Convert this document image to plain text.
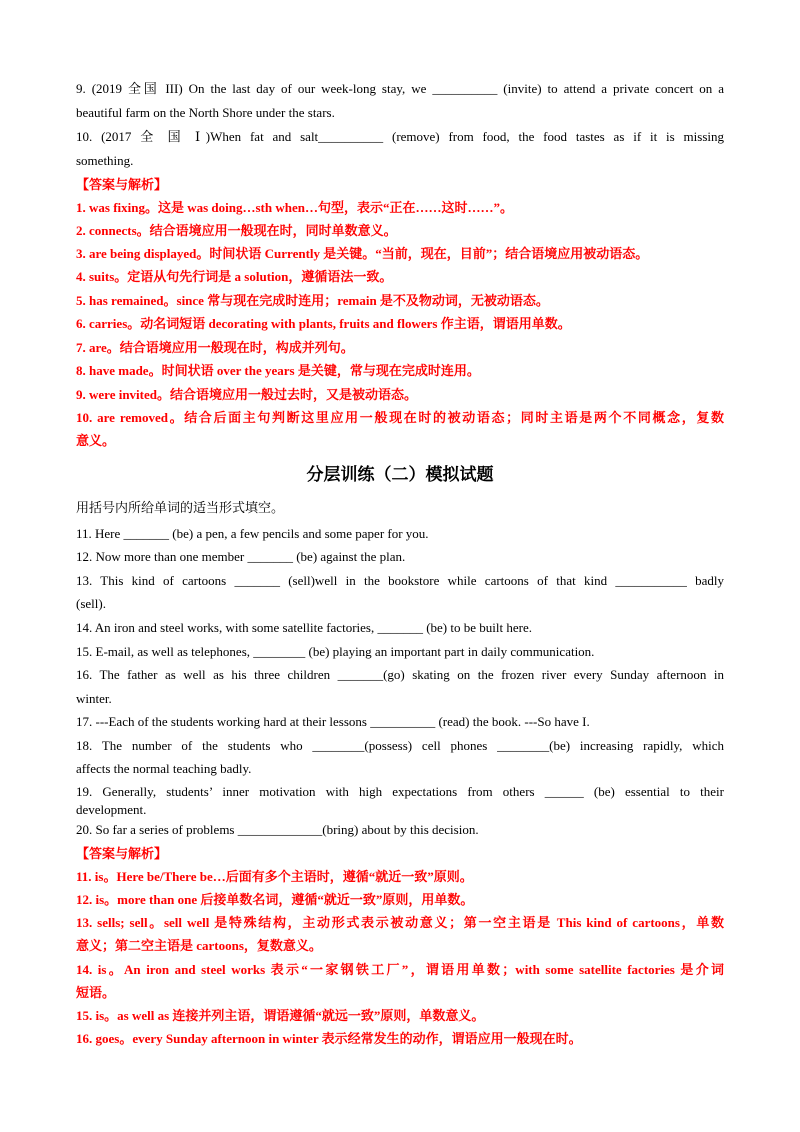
9. (2019 全国 III) On the last day of our week-long stay, we __________ (invite) to attend a private concert on a
beautiful farm on the North Shore under the stars.
10. (2017 全 国 Ⅰ)When fat and salt__________ (remove) from food, the food tastes as if it is missing
something.
【答案与解析】
1. was fixing。这是 was doing…sth when…句型，表示“正在……这时……”。
2. connects。结合语境应用一般现在时，同时单数意义。
3. are being displayed。时间状语 Currently 是关键。“当前，现在，目前”；结合语境应用被动语态。
4. suits。定语从句先行词是 a solution，遵循语法一致。
5. has remained。since 常与现在完成时连用；remain 是不及物动词，无被动语态。
6. carries。动名词短语 decorating with plants, fruits and flowers 作主语，谓语用单数。
7. are。结合语境应用一般现在时，构成并列句。
8. have made。时间状语 over the years 是关键，常与现在完成时连用。
9. were invited。结合语境应用一般过去时，又是被动语态。
10. are removed。结合后面主句判断这里应用一般现在时的被动语态；同时主语是两个不同概念，复数
意义。
分层训练（二）模拟试题
用括号内所给单词的适当形式填空。
11. Here _______ (be) a pen, a few pencils and some paper for you.
12. Now more than one member _______ (be) against the plan.
13. This kind of cartoons _______ (sell)well in the bookstore while cartoons of that kind ___________ badly
(sell).
14. An iron and steel works, with some satellite factories, _______ (be) to be built here.
15. E-mail, as well as telephones, ________ (be) playing an important part in daily communication.
16. The father as well as his three children _______(go) skating on the frozen river every Sunday afternoon in
winter.
17. ---Each of the students working hard at their lessons __________ (read) the book. ---So have I.
18. The number of the students who ________(possess) cell phones ________(be) increasing rapidly, which
affects the normal teaching badly.
19. Generally, students’ inner motivation with high expectations from others ______ (be) essential to their
development.
20. So far a series of problems _____________(bring) about by this decision.
【答案与解析】
11. is。Here be/There be…后面有多个主语时，遵循“就近一致”原则。
12. is。more than one 后接单数名词，遵循“就近一致”原则，用单数。
13. sells; sell。sell well 是特殊结构，主动形式表示被动意义；第一空主语是 This kind of cartoons，单数
意义；第二空主语是 cartoons，复数意义。
14. is。An iron and steel works 表示“一家钢铁工厂”，谓语用单数；with some satellite factories 是介词
短语。
15. is。as well as 连接并列主语，谓语遵循“就远一致”原则，单数意义。
16. goes。every Sunday afternoon in winter 表示经常发生的动作，谓语应用一般现在时。
